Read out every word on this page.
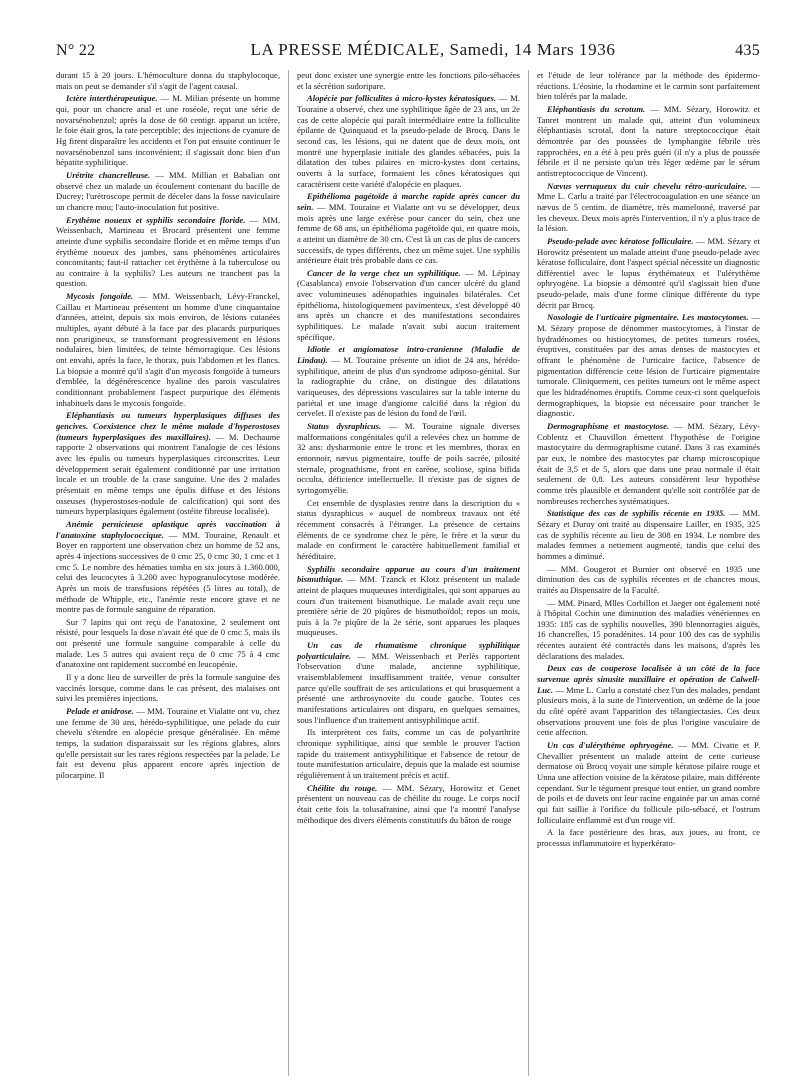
N° 22	LA PRESSE MÉDICALE, Samedi, 14 Mars 1936	435

durant 15 à 20 jours. L'hémoculture donna du staphylocoque, mais on peut se demander s'il s'agit de l'agent causal.

Ictère interthérapeutique. — M. Milian présente un homme qui, pour un chancre anal et une roséole, reçut une série de novarsénobenzol; après la dose de 60 centigr. apparut un ictère, le foie était gros, la rate perceptible; des injections de cyanure de Hg firent disparaître les accidents et l'on put ensuite continuer le novarsénobenzol sans inconvénient; il s'agissait donc bien d'un hépatite syphilitique.

Urétrite chancrelleuse. — MM. Millian et Babalian ont observé chez un malade un écoulement contenant du bacille de Ducrey; l'urétroscope permit de déceler dans la fosse naviculaire un chancre mou; l'auto-inoculation fut positive.

Erythème noueux et syphilis secondaire floride. — MM. Weissenbach, Martineau et Brocard présentent une femme atteinte d'une syphilis secondaire floride et en même temps d'un érythème noueux des jambes, sans phénomènes articulaires concomitants; faut-il rattacher cet érythème à la tuberculose ou au contraire à la syphilis? Les auteurs ne tranchent pas la question.

Mycosis fongoïde. — MM. Weissenbach, Lévy-Franckel, Caillau et Martineau présentent un homme d'une cinquantaine d'années, atteint, depuis six mois environ, de lésions cutanées multiples, ayant débuté à la face par des placards purpuriques non prurigineux, se transformant progressivement en lésions nodulaires, bien limitées, de teinte hémorragique. Ces lésions ont envahi, après la face, le thorax, puis l'abdomen et les flancs. La biopsie a montré qu'il s'agit d'un mycosis fongoïde à tumeurs d'emblée, la dégénérescence hyaline des parois vasculaires conditionnant probablement l'aspect purpurique des éléments inhabituels dans le mycosis fongoïde.

Eléphantiasis ou tumeurs hyperplasiques diffuses des gencives. Coexistence chez le même malade d'hyperostoses (tumeurs hyperplasiques des maxillaires). — M. Dechaume rapporte 2 observations qui montrent l'analogie de ces lésions avec les épulis ou tumeurs hyperplasiques circonscrites. Leur développement serait également conditionné par une irritation locale et un trouble de la crase sanguine. Une des 2 malades présentait en même temps une épulis diffuse et des lésions osseuses (hyperostoses-nodule de calcification) qui sont des tumeurs hyperplasiques également (ostéite fibreuse localisée).

Anémie pernicieuse aplastique après vaccination à l'anatoxine staphylococcique. — MM. Touraine, Renault et Boyer en rapportent une observation chez un homme de 52 ans, après 4 injections successives de 0 cmc 25, 0 cmc 30, 1 cmc et 1 cmc 5. Le nombre des hématies tomba en six jours à 1.360.000, celui des leucocytes à 3.200 avec hypogranulocytose modérée. Après un mois de transfusions répétées (5 litres au total), de méthode de Whipple, etc., l'anémie reste encore grave et ne montre pas de formule sanguine de réparation.

Sur 7 lapins qui ont reçu de l'anatoxine, 2 seulement ont résisté, pour lesquels la dose n'avait été que de 0 cmc 5, mais ils ont présenté une formule sanguine comparable à celle du malade. Les 5 autres qui avaient reçu de 0 cmc 75 à 4 cmc d'anatoxine ont rapidement succombé en leucopénie.

Il y a donc lieu de surveiller de près la formule sanguine des vaccinés lorsque, comme dans le cas présent, des malaises ont suivi les premières injections.

Pelade et anidrose. — MM. Touraine et Vialatte ont vu, chez une femme de 30 ans, hérédo-syphilitique, une pelade du cuir chevelu s'étendre en alopécie presque généralisée. En même temps, la sudation disparaissait sur les régions glabres, alors qu'elle persistait sur les rares régions respectées par la pelade. Le fait est devenu plus apparent encore après injection de pilocarpine. Il

peut donc exister une synergie entre les fonctions pilo-sébacées et la sécrétion sudoripare.

Alopécie par folliculites à micro-kystes kératosiques. — M. Touraine a observé, chez une syphilitique âgée de 23 ans, un 2e cas de cette alopécie qui paraît intermédiaire entre la folliculite épilante de Quinquaud et la pseudo-pelade de Brocq. Dans le second cas, les lésions, qui ne datent que de deux mois, ont montré une hyperplasie initiale des glandes sébacées, puis la dilatation des tubes pilaires en micro-kystes dont certains, ouverts à la surface, formaient les cônes kératosiques qui caractérisent cette variété d'alopécie en plaques.

Epithélioma pagétoïde à marche rapide après cancer du sein. — MM. Touraine et Vialatte ont vu se développer, deux mois après une large exérèse pour cancer du sein, chez une femme de 68 ans, un épithélioma pagétoïde qui, en quatre mois, a atteint un diamètre de 30 cm. C'est là un cas de plus de cancers successifs, de types différents, chez un même sujet. Une syphilis antérieure était très probable dans ce cas.

Cancer de la verge chez un syphilitique. — M. Lépinay (Casablanca) envoie l'observation d'un cancer ulcéré du gland avec volumineuses adénopathies inguinales bilatérales. Cet épithélioma, histologiquement pavimenteux, s'est développé 40 ans après un chancre et des manifestations secondaires syphilitiques. Le malade n'avait subi aucun traitement spécifique.

Idiotie et angiomatose intra-cranienne (Maladie de Lindau). — M. Touraine présente un idiot de 24 ans, hérédo-syphilitique, atteint de plus d'un syndrome adiposo-génital. Sur la radiographie du crâne, on distingue des dilatations variqueuses, des dépressions vasculaires sur la table interne du pariétal et une image d'angiome calcifié dans la région du cervelet. Il n'existe pas de lésion du fond de l'œil.

Status dysraphicus. — M. Touraine signale diverses malformations congénitales qu'il a relevées chez un homme de 32 ans: dysharmonie entre le tronc et les membres, thorax en entonnoir, nævus pigmentaire, touffe de poils sacrée, pilosité sternale, prognathisme, front en carène, scoliose, spina bifida occulta, déficience intellectuelle. Il n'existe pas de signes de syringomyélie.

Cet ensemble de dysplasies rentre dans la description du « status dysraphicus » auquel de nombreux travaux ont été récemment consacrés à l'étranger. La présence de certains éléments de ce syndrome chez le père, le frère et la sœur du malade en confirment le caractère habituellement familial et héréditaire.

Syphilis secondaire apparue au cours d'un traitement bismuthique. — MM. Tzanck et Klotz présentent un malade atteint de plaques muqueuses interdigitales, qui sont apparues au cours d'un traitement bismuthique. Le malade avait reçu une première série de 20 piqûres de bismuthoïdol; repos un mois, puis à la 7e piqûre de la 2e série, sont apparues les plaques muqueuses.

Un cas de rhumatisme chronique syphilitique polyarticulaire. — MM. Weissenbach et Perlès rapportent l'observation d'une malade, ancienne syphilitique, vraisemblablement insuffisamment traitée, venue consulter parce qu'elle souffrait de ses articulations et qui brusquement a présenté une arthrosynovite du coude gauche. Toutes ces manifestations articulaires ont disparu, en quelques semaines, sous l'influence d'un traitement antisyphilitique actif.

Ils interprètent ces faits, comme un cas de polyarthrite chronique syphilitique, ainsi que semble le prouver l'action rapide du traitement antisyphilitique et l'absence de retour de toute manifestation articulaire, depuis que la malade est soumise régulièrement à un traitement précis et actif.

Chéilite du rouge. — MM. Sézary, Horowitz et Genet présentent un nouveau cas de chéilite du rouge. Le corps nocif était cette fois la tolusafranine, ainsi que l'a montré l'analyse méthodique des divers éléments constitutifs du bâton de rouge

et l'étude de leur tolérance par la méthode des épidermo-réactions. L'éosine, la rhodamine et le carmin sont parfaitement bien tolérés par la malade.

Eléphantiasis du scrotum. — MM. Sézary, Horowitz et Tanret montrent un malade qui, atteint d'un volumineux éléphantiasis scrotal, dont la nature streptococcique était démontrée par des poussées de lymphangite fébrile très rapprochées, en a été à peu près guéri (il n'y a plus de poussée fébrile et il ne persiste qu'un très léger œdème par le sérum antistreptococcique de Vincent).

Nævus verruqueux du cuir chevelu rétro-auriculaire. — Mme L. Carlu a traité par l'électrocoagulation en une séance un nævus de 5 centim. de diamètre, très mamelonné, traversé par les cheveux. Deux mois après l'intervention, il n'y a plus trace de la lésion.

Pseudo-pelade avec kératose folliculaire. — MM. Sézary et Horowitz présentent un malade atteint d'une pseudo-pelade avec kératose folliculaire, dont l'aspect spécial nécessite un diagnostic différentiel avec le lupus érythémateux et l'ulérythème ophryogène. La biopsie a démontré qu'il s'agissait bien d'une pseudo-pelade, mais d'une forme clinique différente du type décrit par Brocq.

Nosologie de l'urticaire pigmentaire. Les mastocytomes. — M. Sézary propose de dénommer mastocytomes, à l'instar de hydradénomes ou histiocytomes, de petites tumeurs rosées, éruptives, constituées par des amas denses de mastocytes et offrant le phénomène de l'urticaire factice, l'absence de pigmentation différencie cette lésion de l'urticaire pigmentaire tumorale. Cliniquement, ces petites tumeurs ont le même aspect que les hidradénomes éruptifs. Comme ceux-ci sont quelquefois dermographiques, la biopsie est nécessaire pour trancher le diagnostic.

Dermographisme et mastocytose. — MM. Sézary, Lévy-Coblentz et Chauvillon émettent l'hypothèse de l'origine mastocytaire du dermographisme cutané. Dans 3 cas examinés par eux, le nombre des mastocytes par champ microscopique était de 3,5 et de 5, alors que dans une peau normale il était seulement de 0,8. Les auteurs considèrent leur hypothèse comme très plausible et demandent qu'elle soit contrôlée par de nombreuses recherches systématiques.

Statistique des cas de syphilis récente en 1935. — MM. Sézary et Duruy ont traité au dispensaire Lailler, en 1935, 325 cas de syphilis récente au lieu de 308 en 1934. Le nombre des malades femmes a nettement augmenté, tandis que celui des hommes a diminué.

— MM. Gougerot et Burnier ont observé en 1935 une diminution des cas de syphilis récentes et de chancres mous, traités au Dispensaire de la Faculté.

— MM. Pinard, Mlles Corbillon et Jaeger ont également noté à l'hôpital Cochin une diminution des maladies vénériennes en 1935: 185 cas de syphilis nouvelles, 390 blennorragies aiguës, 16 chancrelles, 15 poradénites. 14 pour 100 des cas de syphilis récentes auraient été contractés dans les maisons, d'après les déclarations des malades.

Deux cas de couperose localisée à un côté de la face survenue après sinusite maxillaire et opération de Calwell-Luc. — Mme L. Carlu a constaté chez l'un des malades, pendant plusieurs mois, à la suite de l'intervention, un œdème de la joue du côté opéré avant l'apparition des télangiectasies. Ces deux observations prouvent une fois de plus l'origine vasculaire de cette affection.

Un cas d'ulérythème ophryogène. — MM. Civatte et P. Chevallier présentent un malade atteint de cette curieuse dermatose où Brocq voyait une simple kératose pilaire rouge et Unna une affection voisine de la kératose pilaire, mais différente cependant. Sur le tégument presque tout entier, un grand nombre de poils et de duvets ont leur racine engainée par un amas corné qui fait saillie à l'orifice du follicule pilo-sébacé, et l'ostrum folliculaire enflammé est d'un rouge vif.

A la face postérieure des bras, aux joues, au front, ce processus inflammatoire et hyperkérato-
